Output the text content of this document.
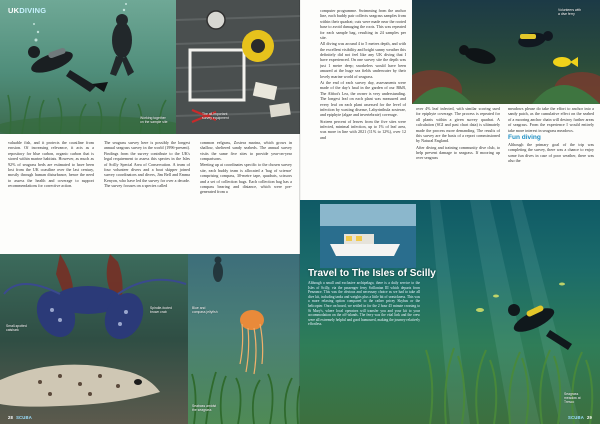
UKDIVING
Working together
on the sample site
The all-important
survey equipment

valuable fish, and it protects the coastline from erosion. Of increasing relevance, it acts as a repository for blue carbon, organic carbon that is stored within marine habitats. However, as much as 92% of seagrass beds are estimated to have been lost from the UK coastline over the last century, mostly through human disturbance, hence the need to assess the health and coverage to support recommendations for corrective action.

The seagrass survey here is possibly the longest annual seagrass survey in the world (1996-present). Findings from the survey contribute to the UK's legal requirement to assess this species in the Isles of Scilly Special Area of Conservation. A team of four volunteer divers and a boat skipper joined survey coordinators and divers, Jim Bell and Emma Kenyon, who have led the survey for over a decade. The survey focuses on a species called

common eelgrass, Zostera marina, which grows in shallow, sheltered sandy seabeds. The annual survey visits the same five sites to provide year-on-year comparisons.

Meeting up at coordinates specific to the chosen survey site, each buddy team is allocated a 'bag of science' comprising compass, 30-metre tape, quadrats, scissors and a set of collection bags. Each collection bag has a compass bearing and distance, which were pre-generated from a

Small-spotted
catshark
Spindle-footed
brown crab
28 SCUBA
Blue and
compass jellyfish
Seabass amidst
the seagrass

computer programme. Swimming from the anchor line, each buddy pair collects seagrass samples from within their quadrat; cuts were made near the rooted base to avoid damaging the roots. This was repeated for each sample bag, resulting in 24 samples per site.

All diving was around 4 to 5 metres depth, and with the excellent visibility and bright sunny weather this definitely did not feel like any UK diving that I have experienced. On one survey site the depth was just 1 metre deep; snorkelers would have been amazed at the huge sea fields underwater by their lovely marine world of seagrass.

At the end of each survey day, assessments were made of the day's haul in the garden of our B&B, The Abbot's Lea, the owner is very understanding. The longest leaf on each plant was measured and every leaf on each plant assessed for the level of infection by wasting disease, Labyrinthula zosterae, and epiphyte (algae and invertebrate) coverage.

Sixteen percent of leaves from the five sites were infected, minimal infection, up to 1% of leaf area, was more in line with 2021 (11% to 12%), over 12 and

Volunteers with
a dive ferry

over 4% leaf infected, with similar scoring used for epiphyte coverage. The process is repeated for all plants within a given survey quadrat. A calculation (SGI and past chart data) is ultimately made the process more demanding. The results of this survey are the basis of a report commissioned by Natural England.

After diving and training community dive club, to help prevent damage to seagrass. If mooring up over seagrass

meadows please do take the effort to anchor into a sandy patch, as the cumulative effect on the seabed of a mooring anchor chain will destroy further areas of seagrass. From the experience I would entirely take more interest in seagrass meadows.

Fun diving

Although the primary goal of the trip was completing the survey, there was a chance to enjoy some fun dives in case of poor weather, there was also the

Seagrass
meadow at
Tresco
SCUBA 29
Travel to The Isles of Scilly
Although a small and exclusive archipelago, there is a daily service to the Isles of Scilly, via the passenger ferry Scillonian III which departs from Penzance. This was the obvious and necessary choice as we had to take all dive kit, including tanks and weights plus a little bit of seasickness. This was a more relaxing option compared to the rather pricey Skybus or the helicopter. Once on board, we settled in for the 2 hour 45 minute crossing to St Mary's, where local operators will transfer you and your kit to your accommodation on the off-islands. The ferry was the vital link and the crew were all extremely helpful and good humoured, making the journey relatively effortless.
